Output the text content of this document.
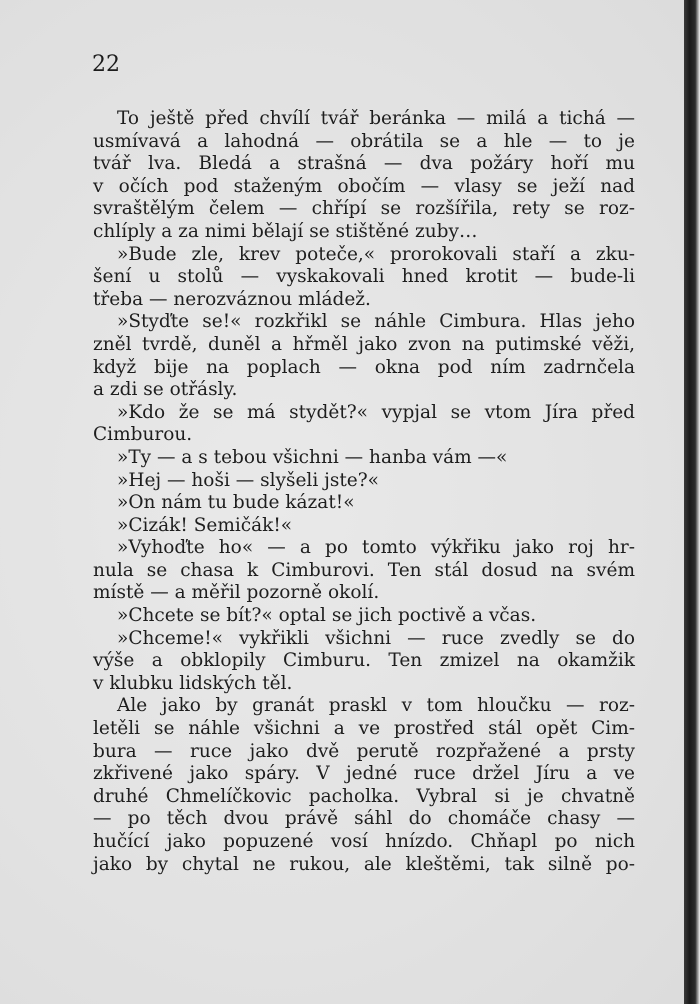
22
To ještě před chvílí tvář beránka — milá a tichá —
usmívavá a lahodná — obrátila se a hle — to je
tvář lva. Bledá a strašná — dva požáry hoří mu
v očích pod staženým obočím — vlasy se ježí nad
svraštělým čelem — chřípí se rozšířila, rety se roz-
chlíply a za nimi bělají se stištěné zuby…
»Bude zle, krev poteče,« prorokovali staří a zku-
šení u stolů — vyskakovali hned krotit — bude-li
třeba — nerozváznou mládež.
»Styďte se!« rozkřikl se náhle Cimbura. Hlas jeho
zněl tvrdě, duněl a hřměl jako zvon na putimské věži,
když bije na poplach — okna pod ním zadrnčela
a zdi se otřásly.
»Kdo že se má stydět?« vypjal se vtom Jíra před
Cimburou.
»Ty — a s tebou všichni — hanba vám —«
»Hej — hoši — slyšeli jste?«
»On nám tu bude kázat!«
»Cizák! Semičák!«
»Vyhoďte ho« — a po tomto výkřiku jako roj hr-
nula se chasa k Cimburovi. Ten stál dosud na svém
místě — a měřil pozorně okolí.
»Chcete se bít?« optal se jich poctivě a včas.
»Chceme!« vykřikli všichni — ruce zvedly se do
výše a obklopily Cimburu. Ten zmizel na okamžik
v klubku lidských těl.
Ale jako by granát praskl v tom hloučku — roz-
letěli se náhle všichni a ve prostřed stál opět Cim-
bura — ruce jako dvě perutě rozpřažené a prsty
zkřivené jako spáry. V jedné ruce držel Jíru a ve
druhé Chmelíčkovic pacholka. Vybral si je chvatně
— po těch dvou právě sáhl do chomáče chasy —
hučící jako popuzené vosí hnízdo. Chňapl po nich
jako by chytal ne rukou, ale kleštěmi, tak silně po-
